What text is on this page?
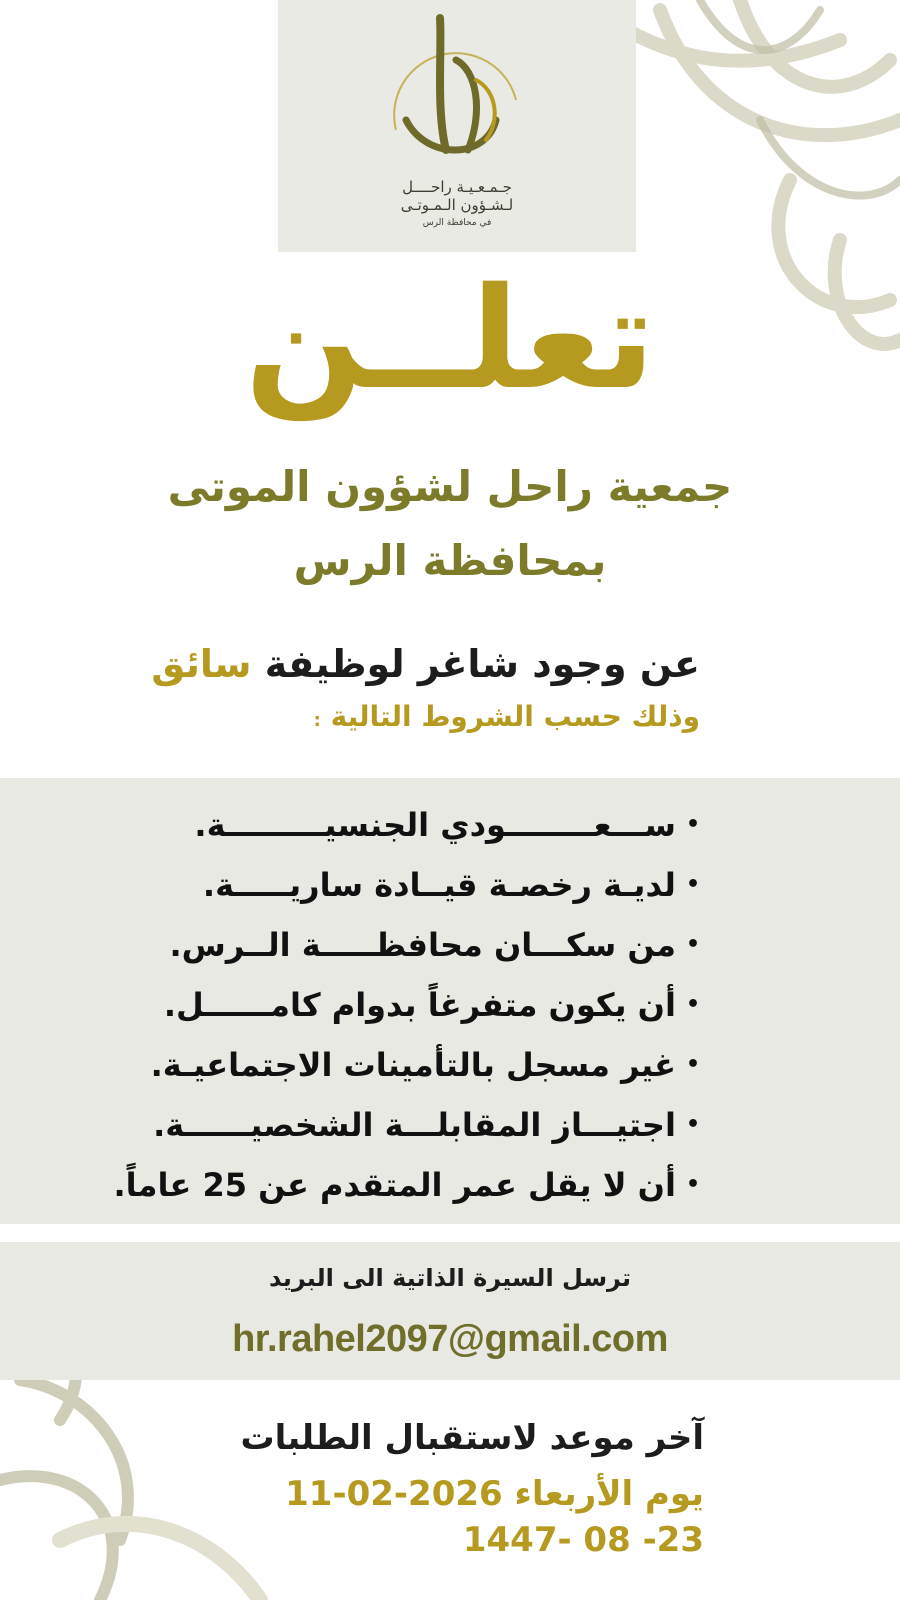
جـمـعـيـة راحــــل
لـشـؤون الـمـوتـى
في محافظة الرس
تعلــن
جمعية راحل لشؤون الموتى
بمحافظة الرس
عن وجود شاغر لوظيفة سائق
وذلك حسب الشروط التالية :
•
ســـعــــــــودي الجنسيـــــــــة.
•
لديـة رخصـة قيــادة ساريـــــة.
•
من سكـــان محافظـــــة الــرس.
•
أن يكون متفرغاً بدوام كامــــــل.
•
غير مسجل بالتأمينات الاجتماعيـة.
•
اجتيـــاز المقابلـــة الشخصيــــــة.
•
أن لا يقل عمر المتقدم عن 25 عاماً.
ترسل السيرة الذاتية الى البريد
hr.rahel2097@gmail.com
آخر موعد لاستقبال الطلبات
يوم الأربعاء 2026-02-11
1447- 08 -23
